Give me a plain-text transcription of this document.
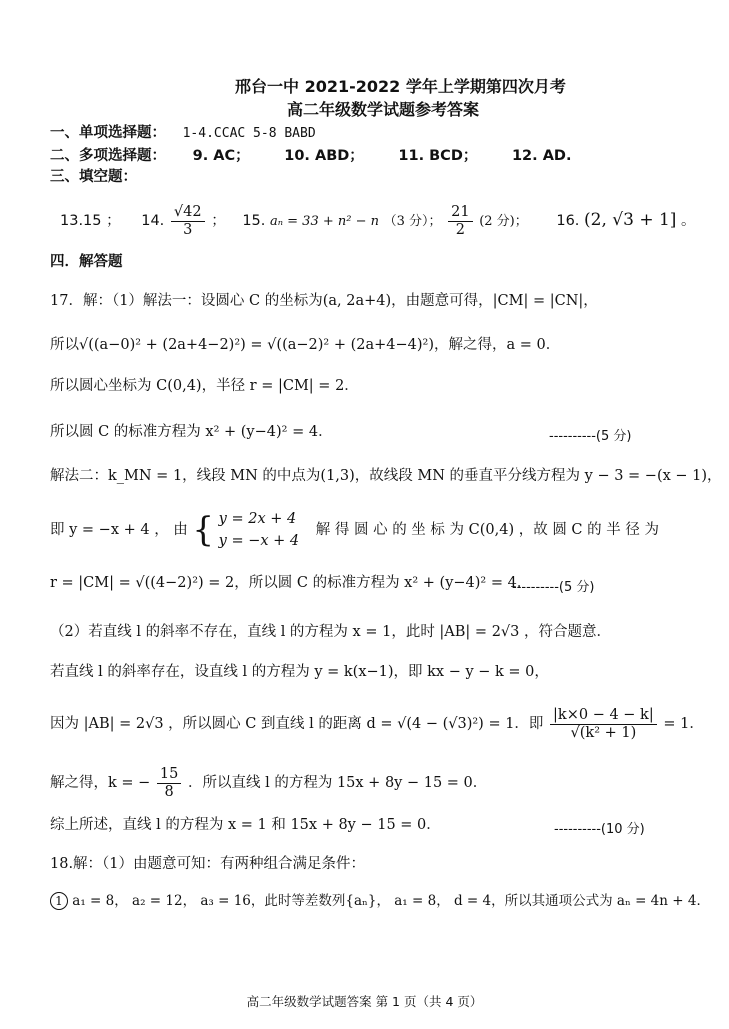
邢台一中 2021-2022 学年上学期第四次月考
高二年级数学试题参考答案
一、单项选择题： 1-4.CCAC 5-8 BABD
二、多项选择题： 9. AC； 10. ABD； 11. BCD； 12. AD.
三、填空题：
13.15 ； 14. $\frac{√42}{3}$ ； 15. aₙ = 33 + n² − n （3 分）； $\frac{21}{2} (2$ 分)； 16. (2, √3 + 1] 。
四．解答题
17．解：（1）解法一：设圆心 C 的坐标为(a, 2a+4)，由题意可得，|CM| = |CN|，
所以√((a−0)² + (2a+4−2)²) = √((a−2)² + (2a+4−4)²)，解之得，a = 0．
所以圆心坐标为 C(0,4)，半径 r = |CM| = 2．
所以圆 C 的标准方程为 x² + (y−4)² = 4．	----------(5 分)
解法二：k_MN = 1，线段 MN 的中点为(1,3)，故线段 MN 的垂直平分线方程为 y − 3 = −(x − 1)，
即 y = −x + 4 ， 由 { y = 2x + 4
y = −x + 4
解 得 圆 心 的 坐 标 为 C(0,4) ，故 圆 C 的 半 径 为
r = |CM| = √((4−2)²) = 2，所以圆 C 的标准方程为 x² + (y−4)² = 4．
----------(5 分)
（2）若直线 l 的斜率不存在，直线 l 的方程为 x = 1，此时 |AB| = 2√3 ，符合题意．
若直线 l 的斜率存在，设直线 l 的方程为 y = k(x−1)，即 kx − y − k = 0，
因为 |AB| = 2√3 ，所以圆心 C 到直线 l 的距离 d = √(4 − (√3)²) = 1．即 $\frac{|k\times 0 - 4 - k|}{\text{√(k² + 1)}} = 1$．
解之得，k = − $\frac{15}{8}$ ．所以直线 l 的方程为 15x + 8y − 15 = 0．
综上所述，直线 l 的方程为 x = 1 和 15x + 8y − 15 = 0．	----------(10 分)
18.解：（1）由题意可知：有两种组合满足条件：
1 a₁ = 8， a₂ = 12， a₃ = 16，此时等差数列{aₙ}， a₁ = 8， d = 4，所以其通项公式为 aₙ = 4n + 4．
高二年级数学试题答案 第 1 页（共 4 页）
